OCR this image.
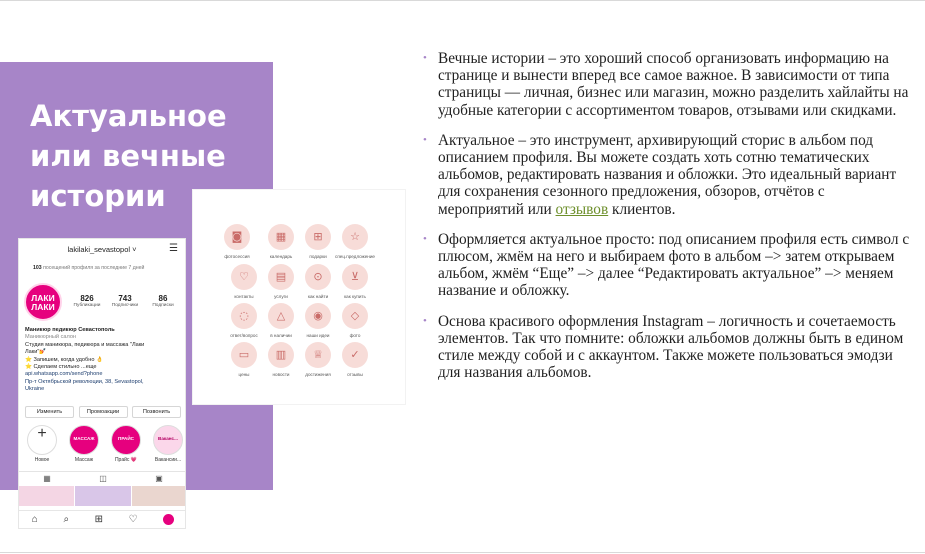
Актуальное
или вечные
истории
lakilaki_sevastopol ˅	☰
103 посещений профиля за последние 7 дней
ЛАКИ
ЛАКИ
826
Публикации
743
Подписчики
86
Подписки
Маникюр педикюр Севастополь
Маникюрный салон
Студия маникюра, педикюра и массажа "Лаки
Лаки"💅
⭐ Запишем, когда удобно 👌
⭐ Сделаем стильно ...еще
api.whatsapp.com/send?phone
Пр-т Октябрьской революции, 38, Sevastopol,
Ukraine
Изменить	Промоакции	Позвонить
+
Новое
МАССАЖ
Массаж
ПРАЙС
Прайс 💗
Ваканс...
Вакансии...
▦	◫	▣
⌂	⌕	⊞	♡
◙
фотосессия
▦
календарь
⊞
подарки
☆
спец.предложение
♡
контакты
▤
услуги
⊙
как найти
⊻
как купить
◌
ответ/вопрос
△
в наличии
◉
наши идеи
◇
фото
▭
цены
▥
новости
♕
достижения
✓
отзывы
• Вечные истории – это хороший способ организовать информацию на странице и вынести вперед все самое важное. В зависимости от типа страницы — личная, бизнес или магазин, можно разделить хайлайты на удобные категории с ассортиментом товаров, отзывами или скидками.
• Актуальное – это инструмент, архивирующий сторис в альбом под описанием профиля. Вы можете создать хоть сотню тематических альбомов, редактировать названия и обложки. Это идеальный вариант для сохранения сезонного предложения, обзоров, отчётов с мероприятий или отзывов клиентов.
• Оформляется актуальное просто: под описанием профиля есть символ с плюсом, жмём на него и выбираем фото в альбом –> затем открываем альбом, жмём “Еще” –> далее “Редактировать актуальное” –> меняем название и обложку.
• Основа красивого оформления Instagram – логичность и сочетаемость элементов. Так что помните: обложки альбомов должны быть в едином стиле между собой и с аккаунтом. Также можете пользоваться эмодзи для названия альбомов.
